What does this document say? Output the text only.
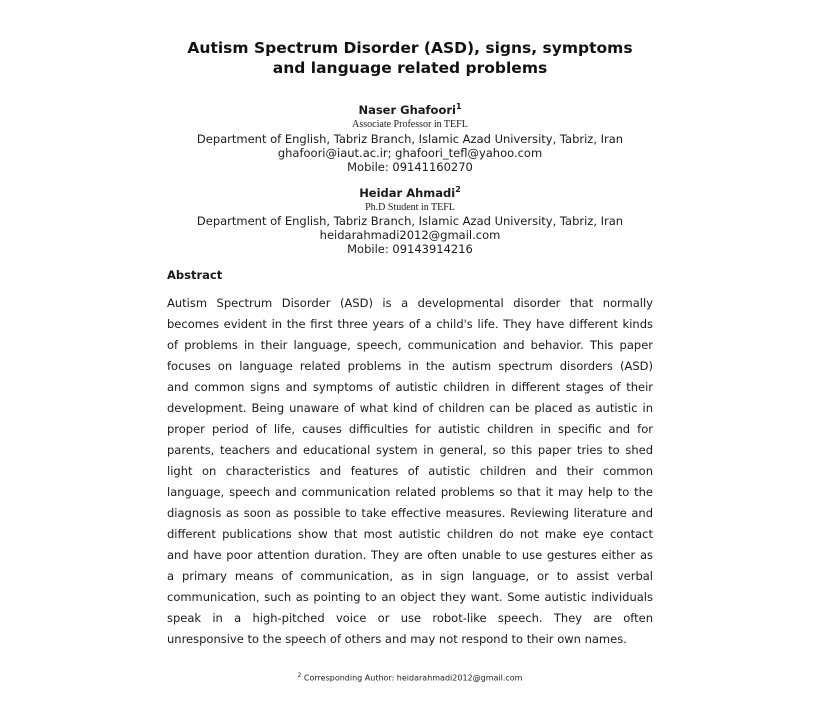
Autism Spectrum Disorder (ASD), signs, symptoms
and language related problems
Naser Ghafoori$^1$
Associate Professor in TEFL
Department of English, Tabriz Branch, Islamic Azad University, Tabriz, Iran
ghafoori@iaut.ac.ir; ghafoori_tefl@yahoo.com
Mobile: 09141160270
Heidar Ahmadi$^2$
Ph.D Student in TEFL
Department of English, Tabriz Branch, Islamic Azad University, Tabriz, Iran
heidarahmadi2012@gmail.com
Mobile: 09143914216
Abstract
Autism Spectrum Disorder (ASD) is a developmental disorder that normally
becomes evident in the first three years of a child's life. They have different kinds
of problems in their language, speech, communication and behavior. This paper
focuses on language related problems in the autism spectrum disorders (ASD)
and common signs and symptoms of autistic children in different stages of their
development. Being unaware of what kind of children can be placed as autistic in
proper period of life, causes difficulties for autistic children in specific and for
parents, teachers and educational system in general, so this paper tries to shed
light on characteristics and features of autistic children and their common
language, speech and communication related problems so that it may help to the
diagnosis as soon as possible to take effective measures. Reviewing literature and
different publications show that most autistic children do not make eye contact
and have poor attention duration. They are often unable to use gestures either as
a primary means of communication, as in sign language, or to assist verbal
communication, such as pointing to an object they want. Some autistic individuals
speak in a high-pitched voice or use robot-like speech. They are often
unresponsive to the speech of others and may not respond to their own names.
$^2$ Corresponding Author: heidarahmadi2012@gmail.com
